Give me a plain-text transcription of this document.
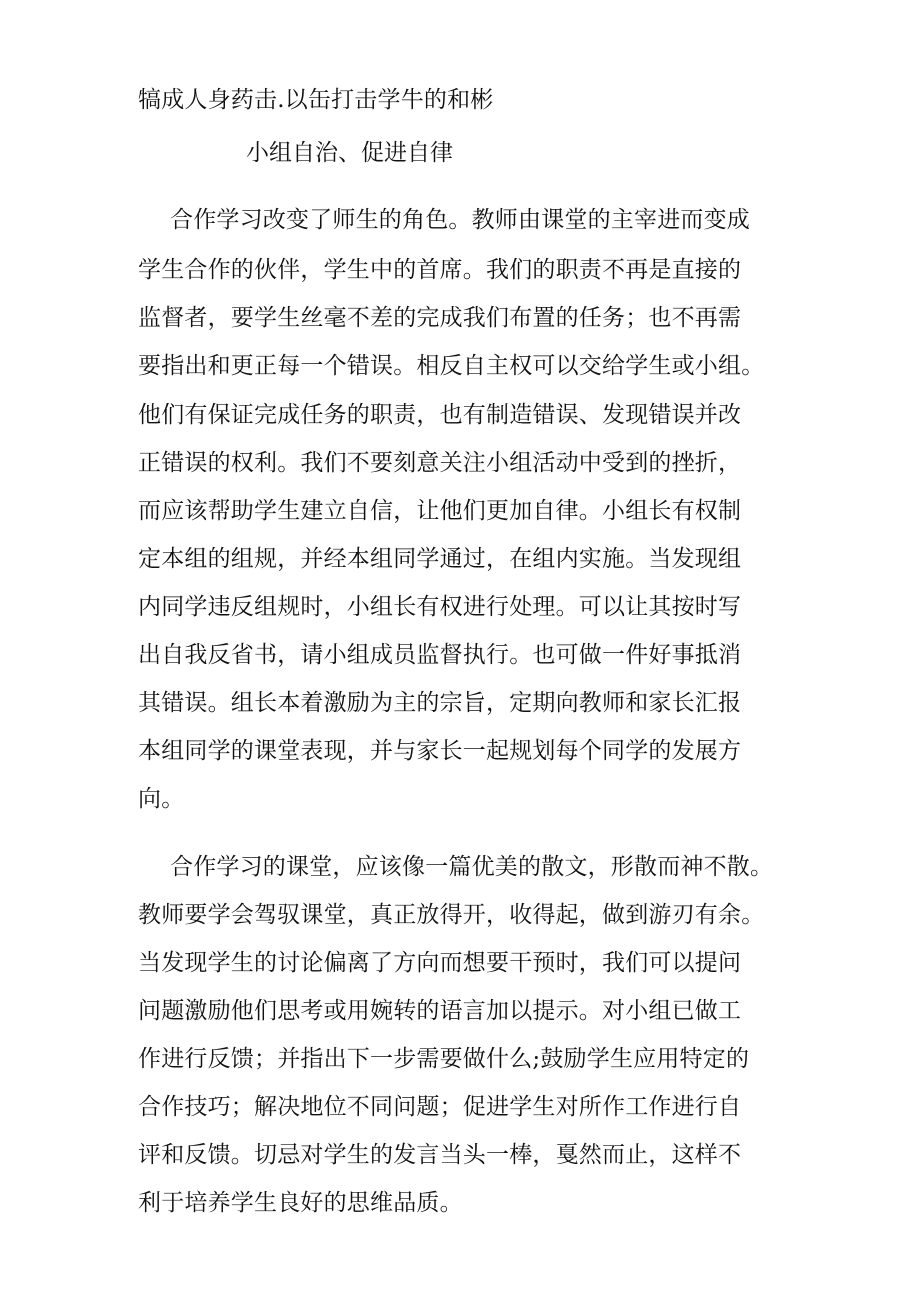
犒成人身药击.以缶打击学牛的和彬
小组自治、促进自律
合作学习改变了师生的角色。教师由课堂的主宰进而变成
学生合作的伙伴，学生中的首席。我们的职责不再是直接的
监督者，要学生丝毫不差的完成我们布置的任务；也不再需
要指出和更正每一个错误。相反自主权可以交给学生或小组。
他们有保证完成任务的职责，也有制造错误、发现错误并改
正错误的权利。我们不要刻意关注小组活动中受到的挫折，
而应该帮助学生建立自信，让他们更加自律。小组长有权制
定本组的组规，并经本组同学通过，在组内实施。当发现组
内同学违反组规时，小组长有权进行处理。可以让其按时写
出自我反省书，请小组成员监督执行。也可做一件好事抵消
其错误。组长本着激励为主的宗旨，定期向教师和家长汇报
本组同学的课堂表现，并与家长一起规划每个同学的发展方
向。
合作学习的课堂，应该像一篇优美的散文，形散而神不散。
教师要学会驾驭课堂，真正放得开，收得起，做到游刃有余。
当发现学生的讨论偏离了方向而想要干预时，我们可以提问
问题激励他们思考或用婉转的语言加以提示。对小组已做工
作进行反馈；并指出下一步需要做什么;鼓励学生应用特定的
合作技巧；解决地位不同问题；促进学生对所作工作进行自
评和反馈。切忌对学生的发言当头一棒，戛然而止，这样不
利于培养学生良好的思维品质。
